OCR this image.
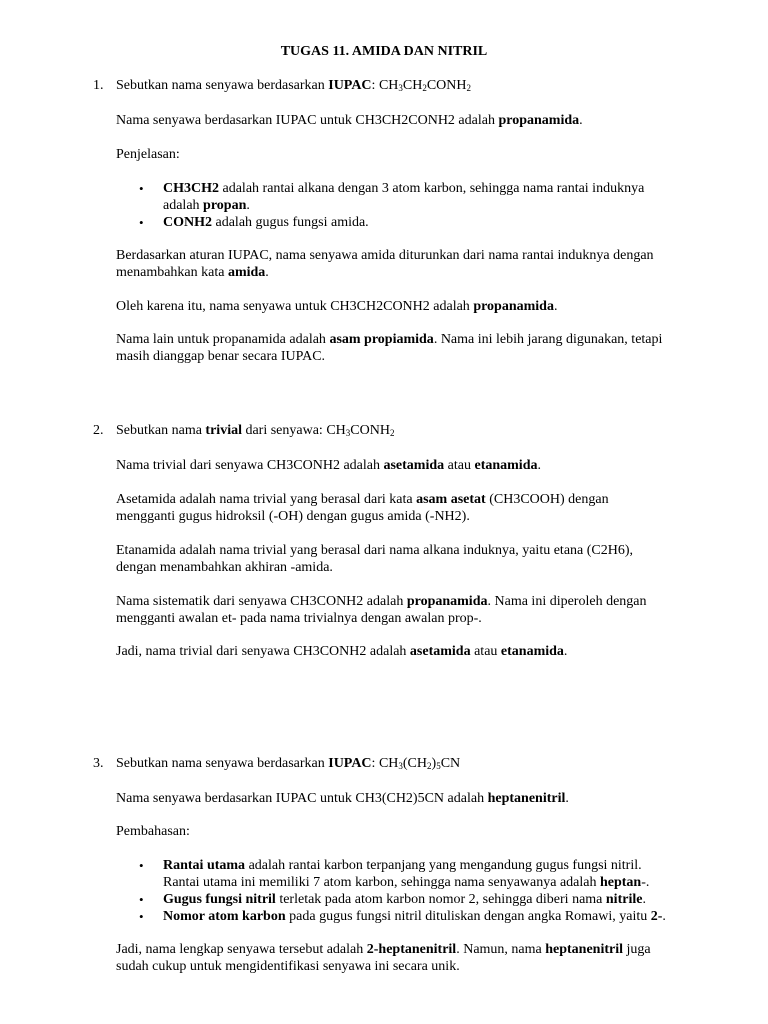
TUGAS 11. AMIDA DAN NITRIL
1. Sebutkan nama senyawa berdasarkan IUPAC: $CH_3CH_2CONH_2$
Nama senyawa berdasarkan IUPAC untuk CH3CH2CONH2 adalah propanamida.
Penjelasan:
• CH3CH2 adalah rantai alkana dengan 3 atom karbon, sehingga nama rantai induknya
adalah propan.
• CONH2 adalah gugus fungsi amida.
Berdasarkan aturan IUPAC, nama senyawa amida diturunkan dari nama rantai induknya dengan
menambahkan kata amida.
Oleh karena itu, nama senyawa untuk CH3CH2CONH2 adalah propanamida.
Nama lain untuk propanamida adalah asam propiamida. Nama ini lebih jarang digunakan, tetapi
masih dianggap benar secara IUPAC.
2. Sebutkan nama trivial dari senyawa: $CH_3CONH_2$
Nama trivial dari senyawa CH3CONH2 adalah asetamida atau etanamida.
Asetamida adalah nama trivial yang berasal dari kata asam asetat (CH3COOH) dengan
mengganti gugus hidroksil (-OH) dengan gugus amida (-NH2).
Etanamida adalah nama trivial yang berasal dari nama alkana induknya, yaitu etana (C2H6),
dengan menambahkan akhiran -amida.
Nama sistematik dari senyawa CH3CONH2 adalah propanamida. Nama ini diperoleh dengan
mengganti awalan et- pada nama trivialnya dengan awalan prop-.
Jadi, nama trivial dari senyawa CH3CONH2 adalah asetamida atau etanamida.
3. Sebutkan nama senyawa berdasarkan IUPAC: $CH_3(CH_2)_5CN$
Nama senyawa berdasarkan IUPAC untuk CH3(CH2)5CN adalah heptanenitril.
Pembahasan:
• Rantai utama adalah rantai karbon terpanjang yang mengandung gugus fungsi nitril.
Rantai utama ini memiliki 7 atom karbon, sehingga nama senyawanya adalah heptan-.
• Gugus fungsi nitril terletak pada atom karbon nomor 2, sehingga diberi nama nitrile.
• Nomor atom karbon pada gugus fungsi nitril dituliskan dengan angka Romawi, yaitu 2-.
Jadi, nama lengkap senyawa tersebut adalah 2-heptanenitril. Namun, nama heptanenitril juga
sudah cukup untuk mengidentifikasi senyawa ini secara unik.
